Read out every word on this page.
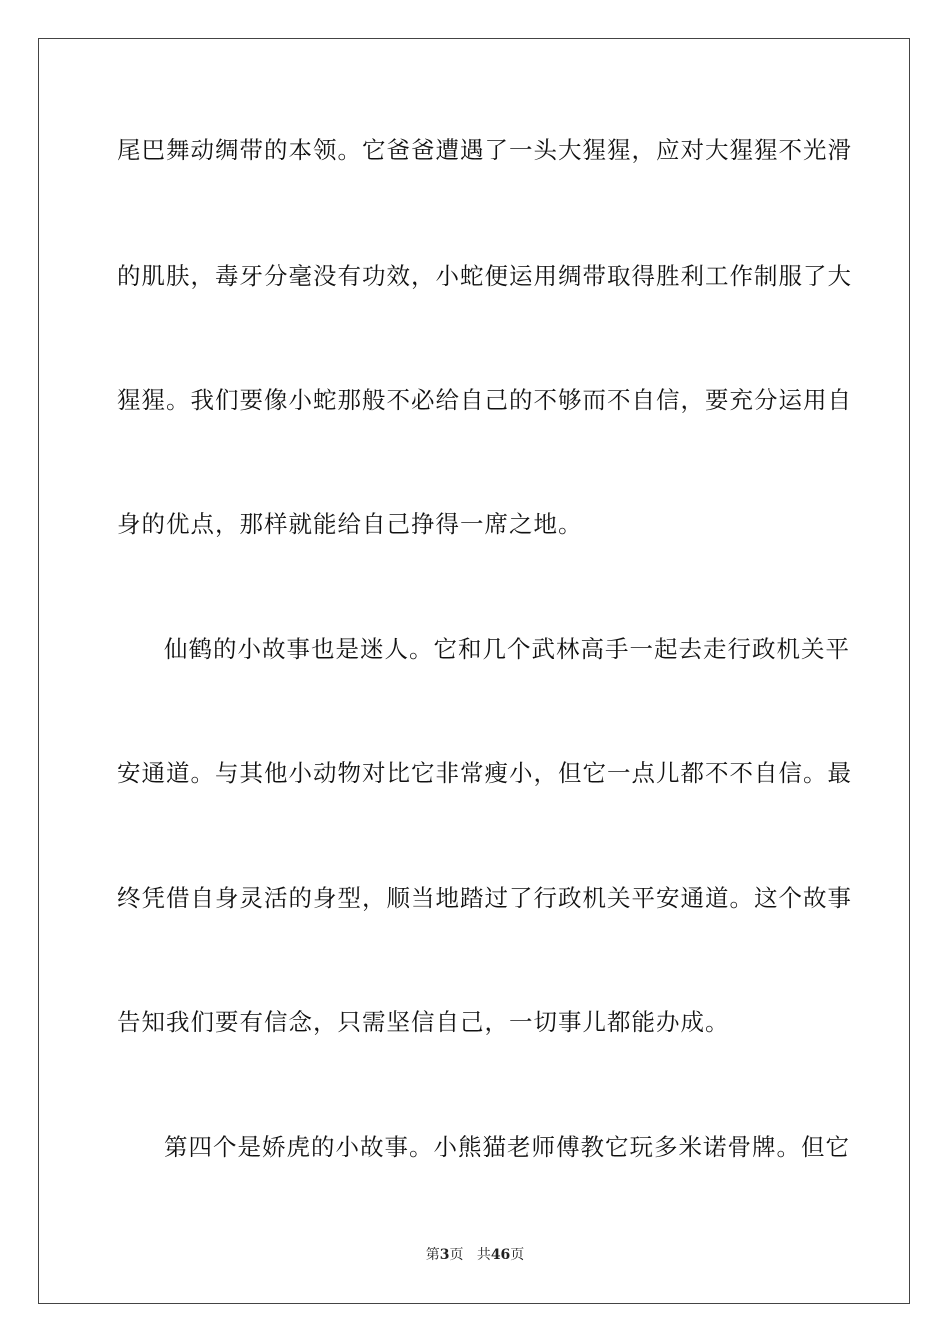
尾巴舞动绸带的本领。它爸爸遭遇了一头大猩猩，应对大猩猩不光滑
的肌肤，毒牙分毫没有功效，小蛇便运用绸带取得胜利工作制服了大
猩猩。我们要像小蛇那般不必给自己的不够而不自信，要充分运用自
身的优点，那样就能给自己挣得一席之地。
仙鹤的小故事也是迷人。它和几个武林高手一起去走行政机关平
安通道。与其他小动物对比它非常瘦小，但它一点儿都不不自信。最
终凭借自身灵活的身型，顺当地踏过了行政机关平安通道。这个故事
告知我们要有信念，只需坚信自己，一切事儿都能办成。
第四个是娇虎的小故事。小熊猫老师傅教它玩多米诺骨牌。但它
第3页 共46页
